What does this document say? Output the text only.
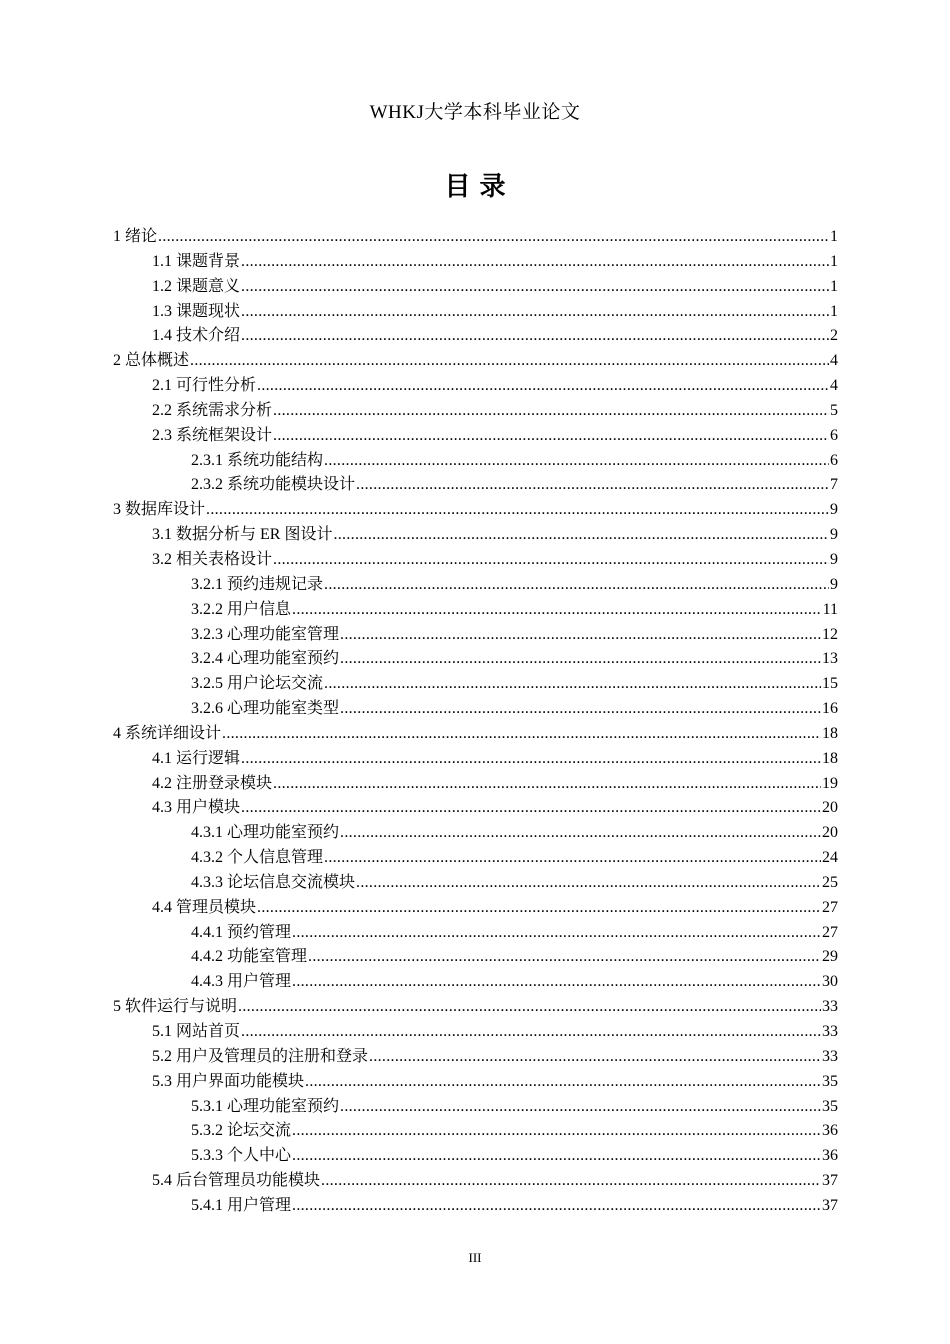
WHKJ大学本科毕业论文
目 录
1 绪论 .....	1
1.1 课题背景 .....	1
1.2 课题意义 .....	1
1.3 课题现状 .....	1
1.4 技术介绍 .....	2
2 总体概述 .....	4
2.1 可行性分析 .....	4
2.2 系统需求分析 .....	5
2.3 系统框架设计 .....	6
2.3.1 系统功能结构 .....	6
2.3.2 系统功能模块设计 .....	7
3 数据库设计 .....	9
3.1 数据分析与 ER 图设计 .....	9
3.2 相关表格设计 .....	9
3.2.1 预约违规记录 .....	9
3.2.2 用户信息 .....	11
3.2.3 心理功能室管理 .....	12
3.2.4 心理功能室预约 .....	13
3.2.5 用户论坛交流 .....	15
3.2.6 心理功能室类型 .....	16
4 系统详细设计 .....	18
4.1 运行逻辑 .....	18
4.2 注册登录模块 .....	19
4.3 用户模块 .....	20
4.3.1 心理功能室预约 .....	20
4.3.2 个人信息管理 .....	24
4.3.3 论坛信息交流模块 .....	25
4.4 管理员模块 .....	27
4.4.1 预约管理 .....	27
4.4.2 功能室管理 .....	29
4.4.3 用户管理 .....	30
5 软件运行与说明 .....	33
5.1 网站首页 .....	33
5.2 用户及管理员的注册和登录 .....	33
5.3 用户界面功能模块 .....	35
5.3.1 心理功能室预约 .....	35
5.3.2 论坛交流 .....	36
5.3.3 个人中心 .....	36
5.4 后台管理员功能模块 .....	37
5.4.1 用户管理 .....	37
III
